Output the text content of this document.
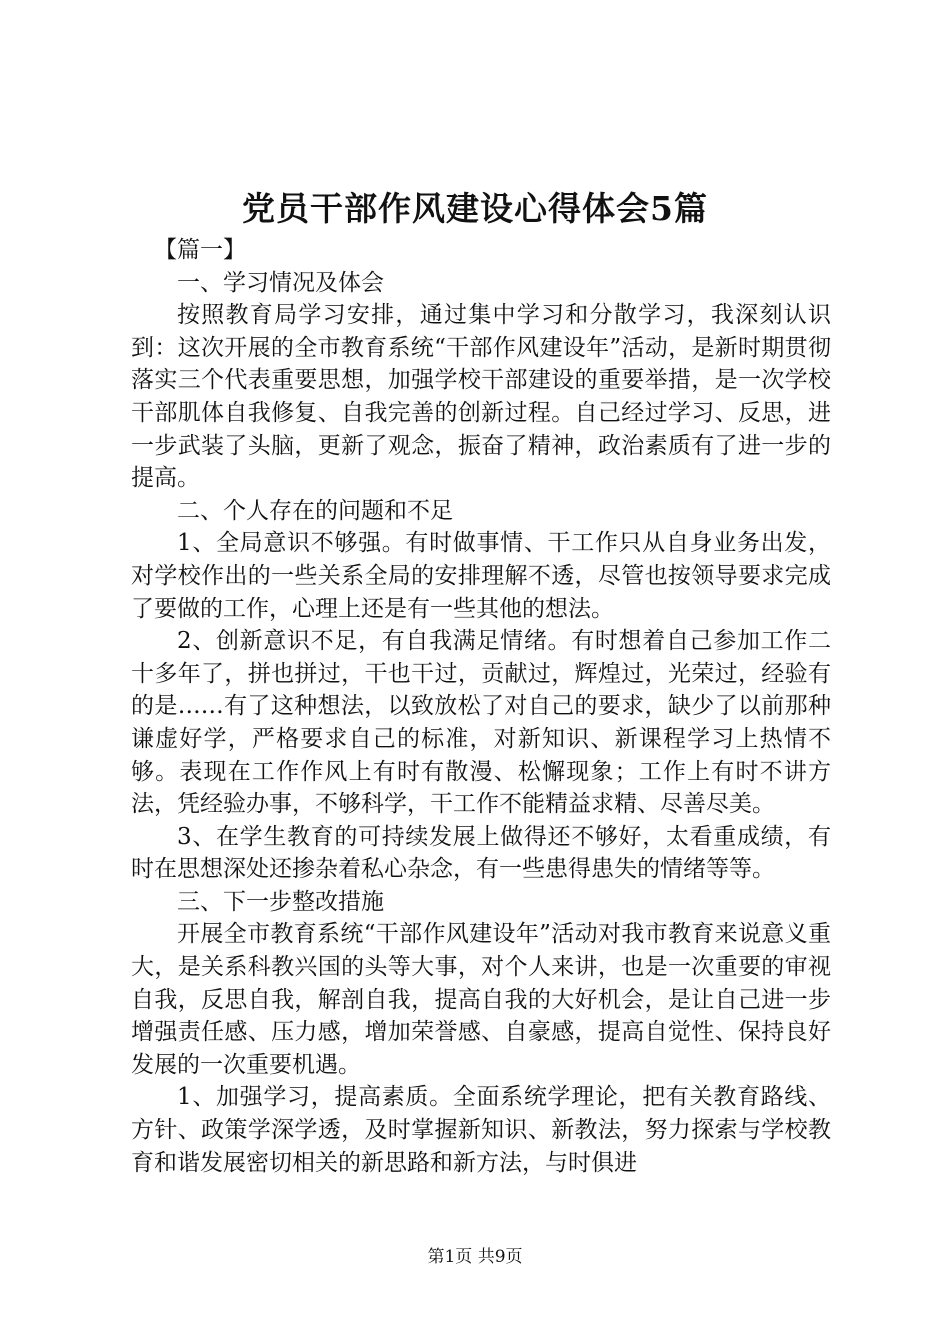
党员干部作风建设心得体会5篇

【篇一】

一、学习情况及体会

按照教育局学习安排，通过集中学习和分散学习，我深刻认识到：这次开展的全市教育系统“干部作风建设年”活动，是新时期贯彻落实三个代表重要思想，加强学校干部建设的重要举措，是一次学校干部肌体自我修复、自我完善的创新过程。自己经过学习、反思，进一步武装了头脑，更新了观念，振奋了精神，政治素质有了进一步的提高。

二、个人存在的问题和不足

1、全局意识不够强。有时做事情、干工作只从自身业务出发，对学校作出的一些关系全局的安排理解不透，尽管也按领导要求完成了要做的工作，心理上还是有一些其他的想法。

2、创新意识不足，有自我满足情绪。有时想着自己参加工作二十多年了，拼也拼过，干也干过，贡献过，辉煌过，光荣过，经验有的是……有了这种想法，以致放松了对自己的要求，缺少了以前那种谦虚好学，严格要求自己的标准，对新知识、新课程学习上热情不够。表现在工作作风上有时有散漫、松懈现象；工作上有时不讲方法，凭经验办事，不够科学，干工作不能精益求精、尽善尽美。

3、在学生教育的可持续发展上做得还不够好，太看重成绩，有时在思想深处还掺杂着私心杂念，有一些患得患失的情绪等等。

三、下一步整改措施

开展全市教育系统“干部作风建设年”活动对我市教育来说意义重大，是关系科教兴国的头等大事，对个人来讲，也是一次重要的审视自我，反思自我，解剖自我，提高自我的大好机会，是让自己进一步增强责任感、压力感，增加荣誉感、自豪感，提高自觉性、保持良好发展的一次重要机遇。

1、加强学习，提高素质。全面系统学理论，把有关教育路线、方针、政策学深学透，及时掌握新知识、新教法，努力探索与学校教育和谐发展密切相关的新思路和新方法，与时俱进

第1页 共9页
